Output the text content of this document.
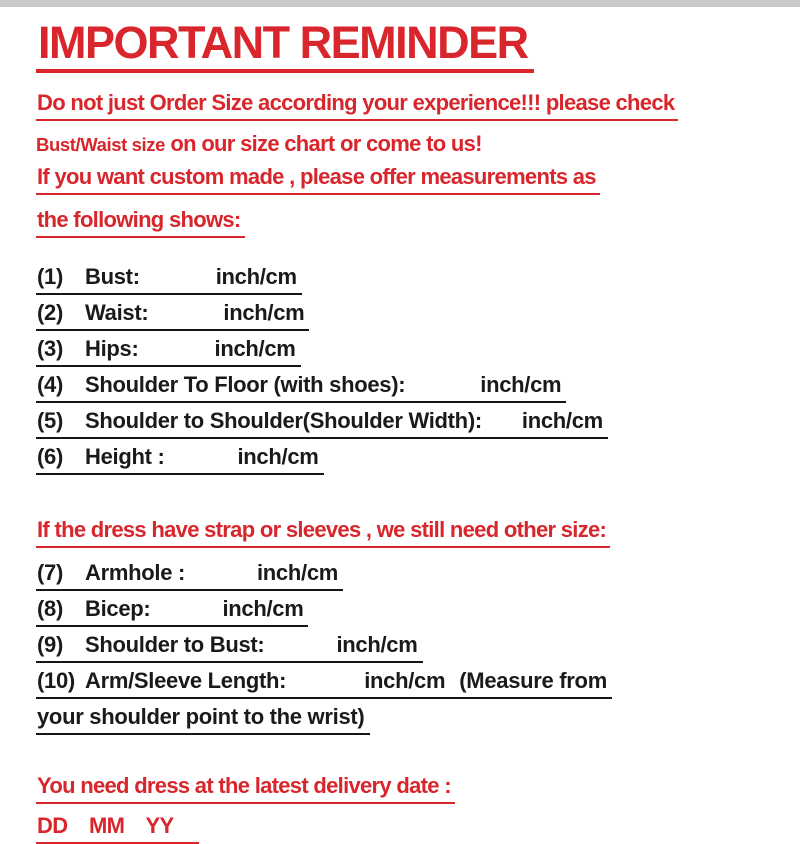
IMPORTANT REMINDER

Do not just Order Size according your experience!!! please check

Bust/Waist size on our size chart or come to us!

If you want custom made , please offer measurements as

the following shows:

(1) Bust:	inch/cm
(2) Waist:	inch/cm
(3) Hips:	inch/cm
(4) Shoulder To Floor (with shoes):	inch/cm
(5) Shoulder to Shoulder(Shoulder Width): inch/cm
(6) Height :	inch/cm

If the dress have strap or sleeves , we still need other size:

(7) Armhole :	inch/cm
(8) Bicep:	inch/cm
(9) Shoulder to Bust:	inch/cm
(10) Arm/Sleeve Length:	inch/cm (Measure from

your shoulder point to the wrist)

You need dress at the latest delivery date :

DD    MM    YY
